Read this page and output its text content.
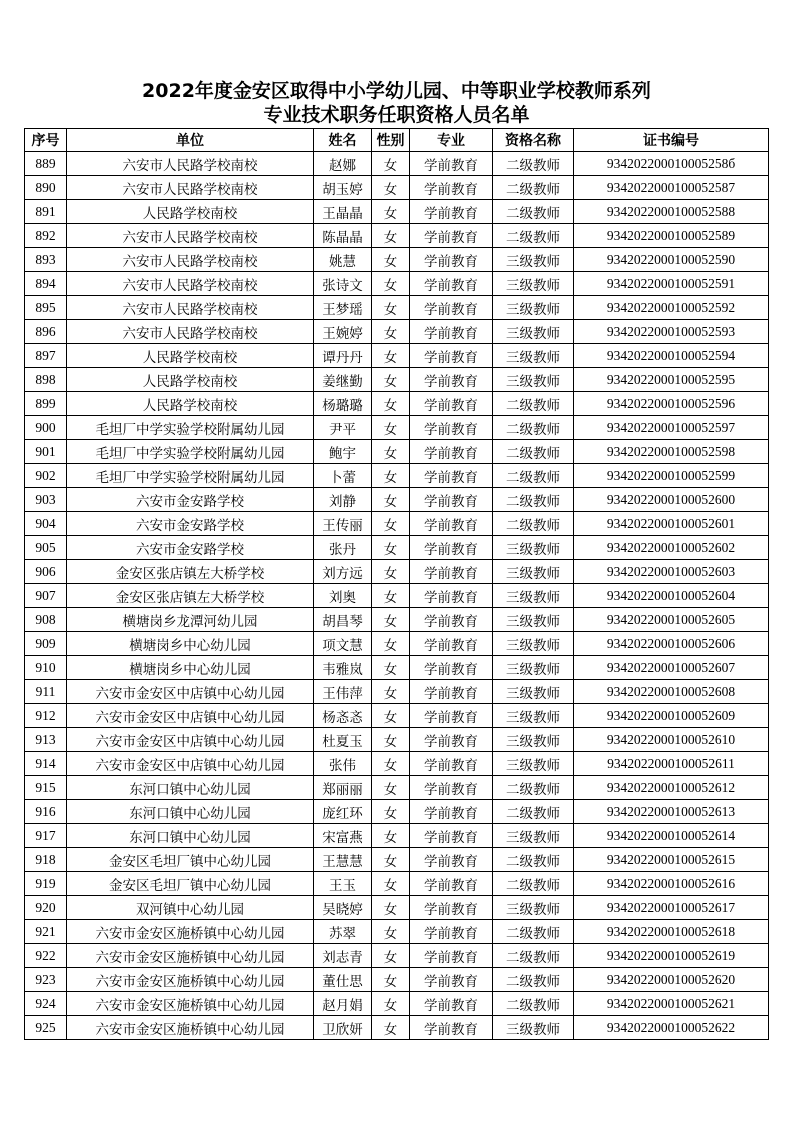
2022年度金安区取得中小学幼儿园、中等职业学校教师系列
专业技术职务任职资格人员名单
序号	单位	姓名	性别	专业	资格名称	证书编号
889	六安市人民路学校南校	赵娜	女	学前教育	二级教师	934202200010005258б
890	六安市人民路学校南校	胡玉婷	女	学前教育	二级教师	9342022000100052587
891	人民路学校南校	王晶晶	女	学前教育	二级教师	9342022000100052588
892	六安市人民路学校南校	陈晶晶	女	学前教育	二级教师	9342022000100052589
893	六安市人民路学校南校	姚慧	女	学前教育	三级教师	9342022000100052590
894	六安市人民路学校南校	张诗文	女	学前教育	三级教师	9342022000100052591
895	六安市人民路学校南校	王梦瑶	女	学前教育	三级教师	9342022000100052592
896	六安市人民路学校南校	王婉婷	女	学前教育	三级教师	9342022000100052593
897	人民路学校南校	谭丹丹	女	学前教育	三级教师	9342022000100052594
898	人民路学校南校	姜继勤	女	学前教育	三级教师	9342022000100052595
899	人民路学校南校	杨璐璐	女	学前教育	二级教师	9342022000100052596
900	毛坦厂中学实验学校附属幼儿园	尹平	女	学前教育	二级教师	9342022000100052597
901	毛坦厂中学实验学校附属幼儿园	鲍宇	女	学前教育	二级教师	9342022000100052598
902	毛坦厂中学实验学校附属幼儿园	卜蕾	女	学前教育	二级教师	9342022000100052599
903	六安市金安路学校	刘静	女	学前教育	二级教师	9342022000100052600
904	六安市金安路学校	王传丽	女	学前教育	二级教师	9342022000100052601
905	六安市金安路学校	张丹	女	学前教育	三级教师	9342022000100052602
906	金安区张店镇左大桥学校	刘方远	女	学前教育	三级教师	9342022000100052603
907	金安区张店镇左大桥学校	刘奥	女	学前教育	三级教师	9342022000100052604
908	横塘岗乡龙潭河幼儿园	胡昌琴	女	学前教育	三级教师	9342022000100052605
909	横塘岗乡中心幼儿园	项文慧	女	学前教育	三级教师	9342022000100052606
910	横塘岗乡中心幼儿园	韦雅岚	女	学前教育	三级教师	9342022000100052607
911	六安市金安区中店镇中心幼儿园	王伟萍	女	学前教育	三级教师	9342022000100052608
912	六安市金安区中店镇中心幼儿园	杨忞忞	女	学前教育	三级教师	9342022000100052609
913	六安市金安区中店镇中心幼儿园	杜夏玉	女	学前教育	三级教师	9342022000100052610
914	六安市金安区中店镇中心幼儿园	张伟	女	学前教育	三级教师	9342022000100052611
915	东河口镇中心幼儿园	郑丽丽	女	学前教育	二级教师	9342022000100052612
916	东河口镇中心幼儿园	庞红环	女	学前教育	二级教师	9342022000100052613
917	东河口镇中心幼儿园	宋富燕	女	学前教育	三级教师	9342022000100052614
918	金安区毛坦厂镇中心幼儿园	王慧慧	女	学前教育	二级教师	9342022000100052615
919	金安区毛坦厂镇中心幼儿园	王玉	女	学前教育	二级教师	9342022000100052616
920	双河镇中心幼儿园	吴晓婷	女	学前教育	三级教师	9342022000100052617
921	六安市金安区施桥镇中心幼儿园	苏翠	女	学前教育	二级教师	9342022000100052618
922	六安市金安区施桥镇中心幼儿园	刘志青	女	学前教育	二级教师	9342022000100052619
923	六安市金安区施桥镇中心幼儿园	董仕思	女	学前教育	二级教师	9342022000100052620
924	六安市金安区施桥镇中心幼儿园	赵月娟	女	学前教育	二级教师	9342022000100052621
925	六安市金安区施桥镇中心幼儿园	卫欣妍	女	学前教育	三级教师	9342022000100052622
